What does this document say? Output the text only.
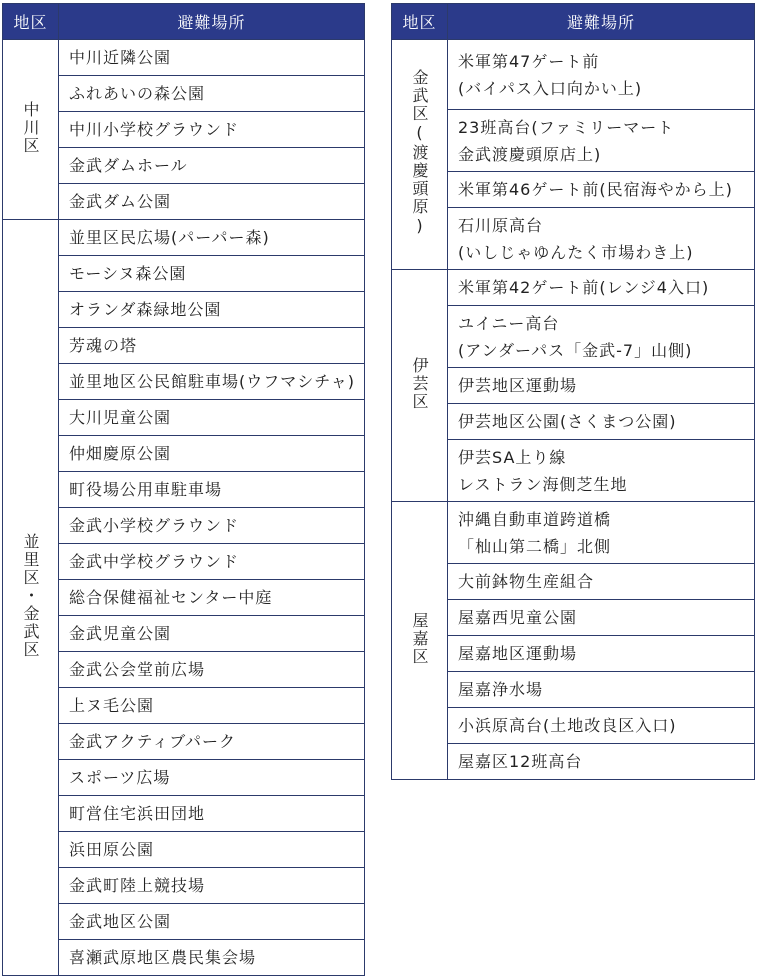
地区	避難場所
中川区	中川近隣公園
	ふれあいの森公園
	中川小学校グラウンド
	金武ダムホール
	金武ダム公園
並里区・金武区	並里区民広場(パーパー森)
	モーシヌ森公園
	オランダ森緑地公園
	芳魂の塔
	並里地区公民館駐車場(ウフマシチャ)
	大川児童公園
	仲畑慶原公園
	町役場公用車駐車場
	金武小学校グラウンド
	金武中学校グラウンド
	総合保健福祉センター中庭
	金武児童公園
	金武公会堂前広場
	上ヌ毛公園
	金武アクティブパーク
	スポーツ広場
	町営住宅浜田団地
	浜田原公園
	金武町陸上競技場
	金武地区公園
	喜瀬武原地区農民集会場
地区	避難場所
金武区(渡慶頭原)	米軍第47ゲート前
(バイパス入口向かい上)

	23班高台(ファミリーマート
金武渡慶頭原店上)

	米軍第46ゲート前(民宿海やから上)

	石川原高台
(いしじゃゆんたく市場わき上)

伊芸区	米軍第42ゲート前(レンジ4入口)

	ユイニー高台
(アンダーパス「金武-7」山側)

	伊芸地区運動場

	伊芸地区公園(さくまつ公園)

	伊芸SA上り線
レストラン海側芝生地

屋嘉区	沖縄自動車道跨道橋
「杣山第二橋」北側

	大前鉢物生産組合

	屋嘉西児童公園

	屋嘉地区運動場

	屋嘉浄水場

	小浜原高台(土地改良区入口)

	屋嘉区12班高台
